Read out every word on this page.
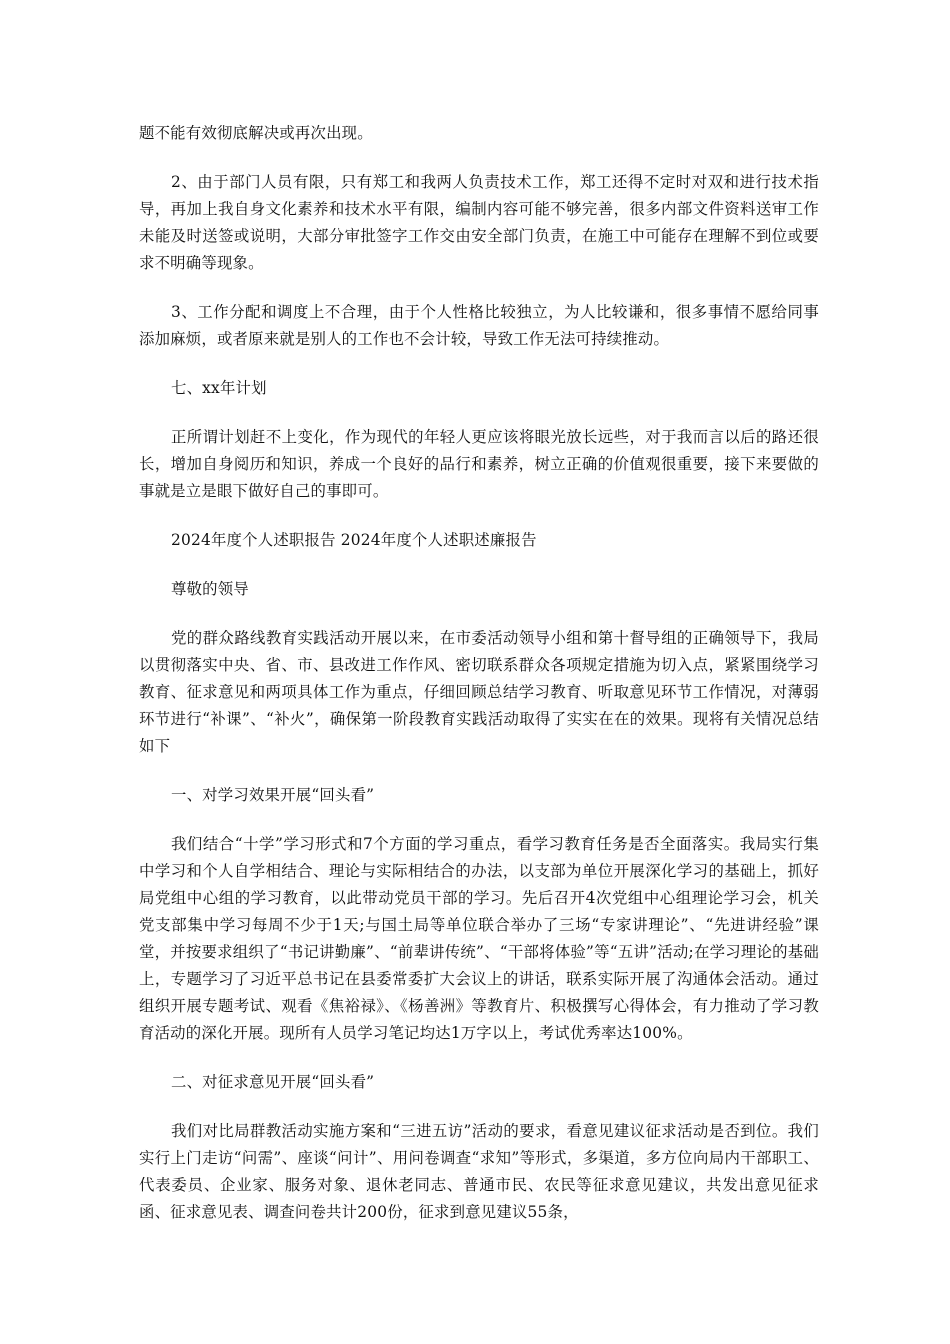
题不能有效彻底解决或再次出现。

2、由于部门人员有限，只有郑工和我两人负责技术工作，郑工还得不定时对双和进行技术指导，再加上我自身文化素养和技术水平有限，编制内容可能不够完善，很多内部文件资料送审工作未能及时送签或说明，大部分审批签字工作交由安全部门负责，在施工中可能存在理解不到位或要求不明确等现象。

3、工作分配和调度上不合理，由于个人性格比较独立，为人比较谦和，很多事情不愿给同事添加麻烦，或者原来就是别人的工作也不会计较，导致工作无法可持续推动。

七、xx年计划

正所谓计划赶不上变化，作为现代的年轻人更应该将眼光放长远些，对于我而言以后的路还很长，增加自身阅历和知识，养成一个良好的品行和素养，树立正确的价值观很重要，接下来要做的事就是立是眼下做好自己的事即可。

2024年度个人述职报告 2024年度个人述职述廉报告

尊敬的领导

党的群众路线教育实践活动开展以来，在市委活动领导小组和第十督导组的正确领导下，我局以贯彻落实中央、省、市、县改进工作作风、密切联系群众各项规定措施为切入点，紧紧围绕学习教育、征求意见和两项具体工作为重点，仔细回顾总结学习教育、听取意见环节工作情况，对薄弱环节进行“补课”、“补火”，确保第一阶段教育实践活动取得了实实在在的效果。现将有关情况总结如下

一、对学习效果开展“回头看”

我们结合“十学”学习形式和7个方面的学习重点，看学习教育任务是否全面落实。我局实行集中学习和个人自学相结合、理论与实际相结合的办法，以支部为单位开展深化学习的基础上，抓好局党组中心组的学习教育，以此带动党员干部的学习。先后召开4次党组中心组理论学习会，机关党支部集中学习每周不少于1天;与国土局等单位联合举办了三场“专家讲理论”、“先进讲经验”课堂，并按要求组织了“书记讲勤廉”、“前辈讲传统”、“干部将体验”等“五讲”活动;在学习理论的基础上，专题学习了习近平总书记在县委常委扩大会议上的讲话，联系实际开展了沟通体会活动。通过组织开展专题考试、观看《焦裕禄》、《杨善洲》等教育片、积极撰写心得体会，有力推动了学习教育活动的深化开展。现所有人员学习笔记均达1万字以上，考试优秀率达100%。

二、对征求意见开展“回头看”

我们对比局群教活动实施方案和“三进五访”活动的要求，看意见建议征求活动是否到位。我们实行上门走访“问需”、座谈“问计”、用问卷调查“求知”等形式，多渠道，多方位向局内干部职工、代表委员、企业家、服务对象、退休老同志、普通市民、农民等征求意见建议，共发出意见征求函、征求意见表、调查问卷共计200份，征求到意见建议55条，
